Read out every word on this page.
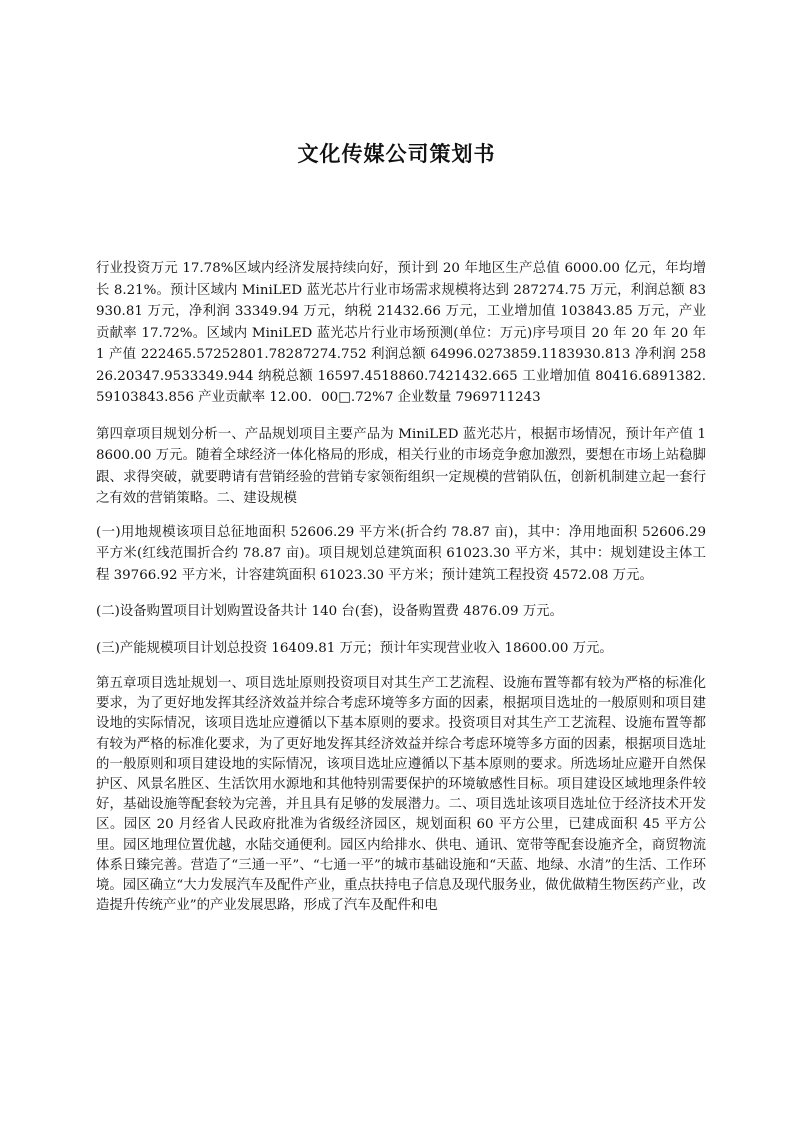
文化传媒公司策划书

行业投资万元 17.78%区域内经济发展持续向好，预计到 20 年地区生产总值 6000.00 亿元，年均增长 8.21%。预计区域内 MiniLED 蓝光芯片行业市场需求规模将达到 287274.75 万元，利润总额 83930.81 万元，净利润 33349.94 万元，纳税 21432.66 万元，工业增加值 103843.85 万元，产业贡献率 17.72%。区域内 MiniLED 蓝光芯片行业市场预测(单位：万元)序号项目 20 年 20 年 20 年 1 产值 222465.57252801.78287274.752 利润总额 64996.0273859.1183930.813 净利润 25826.20347.9533349.944 纳税总额 16597.4518860.7421432.665 工业增加值 80416.6891382.59103843.856 产业贡献率 12.00．00□.72%7 企业数量 7969711243

第四章项目规划分析一、产品规划项目主要产品为 MiniLED 蓝光芯片，根据市场情况，预计年产值 18600.00 万元。随着全球经济一体化格局的形成，相关行业的市场竞争愈加激烈，要想在市场上站稳脚跟、求得突破，就要聘请有营销经验的营销专家领衔组织一定规模的营销队伍，创新机制建立起一套行之有效的营销策略。二、建设规模

(一)用地规模该项目总征地面积 52606.29 平方米(折合约 78.87 亩)，其中：净用地面积 52606.29 平方米(红线范围折合约 78.87 亩)。项目规划总建筑面积 61023.30 平方米，其中：规划建设主体工程 39766.92 平方米，计容建筑面积 61023.30 平方米；预计建筑工程投资 4572.08 万元。

(二)设备购置项目计划购置设备共计 140 台(套)，设备购置费 4876.09 万元。

(三)产能规模项目计划总投资 16409.81 万元；预计年实现营业收入 18600.00 万元。

第五章项目选址规划一、项目选址原则投资项目对其生产工艺流程、设施布置等都有较为严格的标准化要求，为了更好地发挥其经济效益并综合考虑环境等多方面的因素，根据项目选址的一般原则和项目建设地的实际情况，该项目选址应遵循以下基本原则的要求。投资项目对其生产工艺流程、设施布置等都有较为严格的标准化要求，为了更好地发挥其经济效益并综合考虑环境等多方面的因素，根据项目选址的一般原则和项目建设地的实际情况，该项目选址应遵循以下基本原则的要求。所选场址应避开自然保护区、风景名胜区、生活饮用水源地和其他特别需要保护的环境敏感性目标。项目建设区域地理条件较好，基础设施等配套较为完善，并且具有足够的发展潜力。二、项目选址该项目选址位于经济技术开发区。园区 20 月经省人民政府批准为省级经济园区，规划面积 60 平方公里，已建成面积 45 平方公里。园区地理位置优越，水陆交通便利。园区内给排水、供电、通讯、宽带等配套设施齐全，商贸物流体系日臻完善。营造了“三通一平”、“七通一平”的城市基础设施和“天蓝、地绿、水清”的生活、工作环境。园区确立“大力发展汽车及配件产业，重点扶持电子信息及现代服务业，做优做精生物医药产业，改造提升传统产业”的产业发展思路，形成了汽车及配件和电
